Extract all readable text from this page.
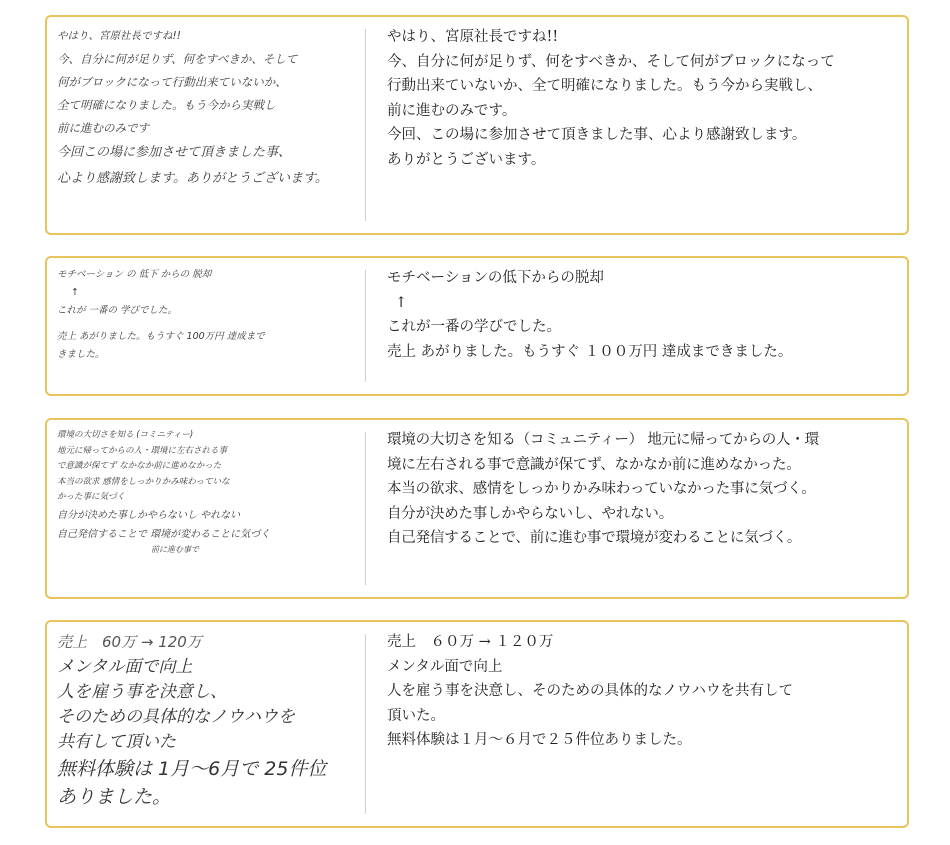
やはり、宮原社長ですね!!
今、自分に何が足りず、何をすべきか、そして
何がブロックになって行動出来ていないか、
全て明確になりました。もう今から実戦し
前に進むのみです
今回この場に参加させて頂きました事、
心より感謝致します。ありがとうございます。
やはり、宮原社長ですね!!
今、自分に何が足りず、何をすべきか、そして何がブロックになって
行動出来ていないか、全て明確になりました。もう今から実戦し、
前に進むのみです。
今回、この場に参加させて頂きました事、心より感謝致します。
ありがとうございます。
モチベーション の 低下 からの 脱却
↑
これが 一番の 学びでした。
売上 あがりました。もうすぐ 100万円 達成まで
きました。
モチベーションの低下からの脱却
↑
これが一番の学びでした。
売上 あがりました。もうすぐ １００万円 達成まできました。
環境の大切さを知る (コミニティー)
地元に帰ってからの人・環境に左右される事
で意識が保てず なかなか前に進めなかった
本当の欲求 感情をしっかりかみ味わっていな
かった事に気づく
自分が決めた事しかやらないし やれない
自己発信することで 環境が変わることに気づく
前に進む事で
環境の大切さを知る（コミュニティー） 地元に帰ってからの人・環
境に左右される事で意識が保てず、なかなか前に進めなかった。
本当の欲求、感情をしっかりかみ味わっていなかった事に気づく。
自分が決めた事しかやらないし、やれない。
自己発信することで、前に進む事で環境が変わることに気づく。
売上　60万 → 120万
メンタル面で向上
人を雇う事を決意し、
そのための具体的なノウハウを
共有して頂いた
無料体験は 1月〜6月で 25件位
ありました。
売上　６０万 → １２０万
メンタル面で向上
人を雇う事を決意し、そのための具体的なノウハウを共有して
頂いた。
無料体験は１月〜６月で２５件位ありました。
